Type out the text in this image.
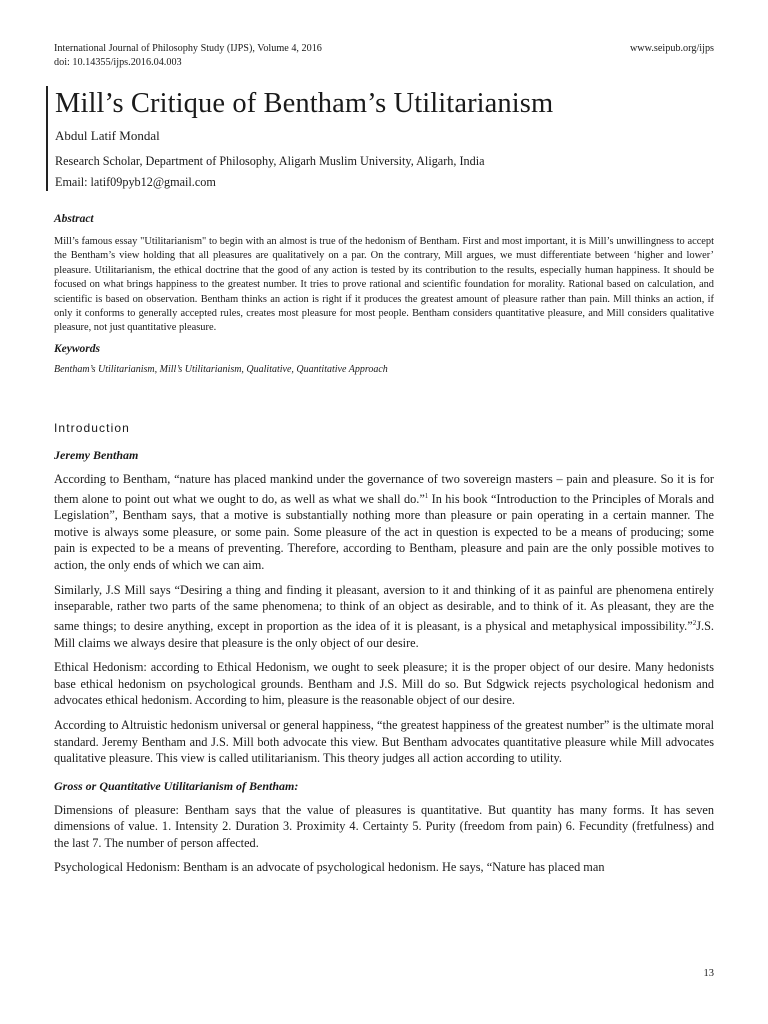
International Journal of Philosophy Study (IJPS), Volume 4, 2016
doi: 10.14355/ijps.2016.04.003
www.seipub.org/ijps
Mill’s Critique of Bentham’s Utilitarianism
Abdul Latif Mondal
Research Scholar, Department of Philosophy, Aligarh Muslim University, Aligarh, India
Email: latif09pyb12@gmail.com
Abstract
Mill’s famous essay "Utilitarianism" to begin with an almost is true of the hedonism of Bentham. First and most important, it is Mill’s unwillingness to accept the Bentham’s view holding that all pleasures are qualitatively on a par. On the contrary, Mill argues, we must differentiate between ‘higher and lower’ pleasure. Utilitarianism, the ethical doctrine that the good of any action is tested by its contribution to the results, especially human happiness. It should be focused on what brings happiness to the greatest number. It tries to prove rational and scientific foundation for morality. Rational based on calculation, and scientific is based on observation. Bentham thinks an action is right if it produces the greatest amount of pleasure rather than pain. Mill thinks an action, if only it conforms to generally accepted rules, creates most pleasure for most people. Bentham considers quantitative pleasure, and Mill considers qualitative pleasure, not just quantitative pleasure.
Keywords
Bentham’s Utilitarianism, Mill’s Utilitarianism, Qualitative, Quantitative Approach
Introduction
Jeremy Bentham
According to Bentham, “nature has placed mankind under the governance of two sovereign masters – pain and pleasure. So it is for them alone to point out what we ought to do, as well as what we shall do.”$^1$ In his book “Introduction to the Principles of Morals and Legislation”, Bentham says, that a motive is substantially nothing more than pleasure or pain operating in a certain manner. The motive is always some pleasure, or some pain. Some pleasure of the act in question is expected to be a means of producing; some pain is expected to be a means of preventing. Therefore, according to Bentham, pleasure and pain are the only possible motives to action, the only ends of which we can aim.
Similarly, J.S Mill says “Desiring a thing and finding it pleasant, aversion to it and thinking of it as painful are phenomena entirely inseparable, rather two parts of the same phenomena; to think of an object as desirable, and to think of it. As pleasant, they are the same things; to desire anything, except in proportion as the idea of it is pleasant, is a physical and metaphysical impossibility.”$^2$J.S. Mill claims we always desire that pleasure is the only object of our desire.
Ethical Hedonism: according to Ethical Hedonism, we ought to seek pleasure; it is the proper object of our desire. Many hedonists base ethical hedonism on psychological grounds. Bentham and J.S. Mill do so. But Sdgwick rejects psychological hedonism and advocates ethical hedonism. According to him, pleasure is the reasonable object of our desire.
According to Altruistic hedonism universal or general happiness, “the greatest happiness of the greatest number” is the ultimate moral standard. Jeremy Bentham and J.S. Mill both advocate this view. But Bentham advocates quantitative pleasure while Mill advocates qualitative pleasure. This view is called utilitarianism. This theory judges all action according to utility.
Gross or Quantitative Utilitarianism of Bentham:
Dimensions of pleasure: Bentham says that the value of pleasures is quantitative. But quantity has many forms. It has seven dimensions of value. 1. Intensity 2. Duration 3. Proximity 4. Certainty 5. Purity (freedom from pain) 6. Fecundity (fretfulness) and the last 7. The number of person affected.
Psychological Hedonism: Bentham is an advocate of psychological hedonism. He says, “Nature has placed man
13
